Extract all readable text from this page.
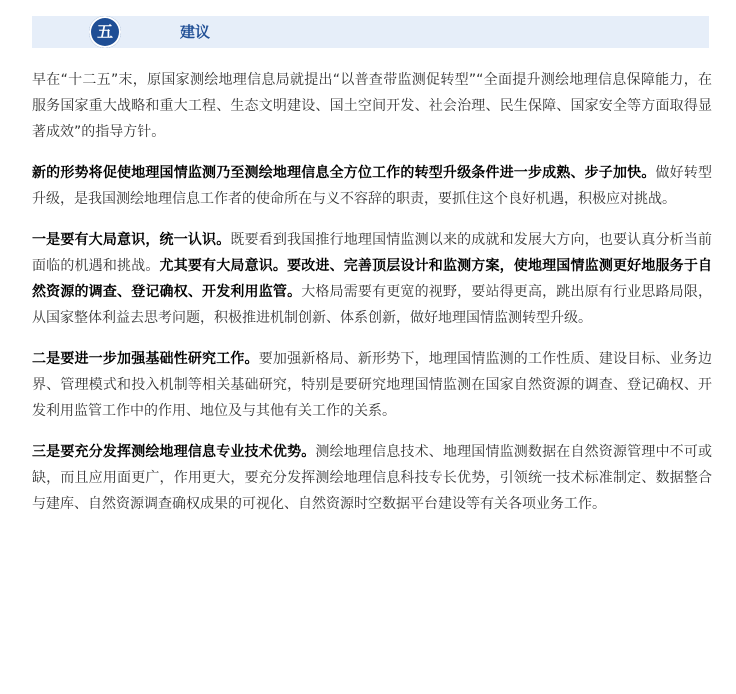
五	建议

早在“十二五”末，原国家测绘地理信息局就提出“以普查带监测促转型”“全面提升测绘地理信息保障能力，在服务国家重大战略和重大工程、生态文明建设、国土空间开发、社会治理、民生保障、国家安全等方面取得显著成效”的指导方针。

新的形势将促使地理国情监测乃至测绘地理信息全方位工作的转型升级条件进一步成熟、步子加快。做好转型升级，是我国测绘地理信息工作者的使命所在与义不容辞的职责，要抓住这个良好机遇，积极应对挑战。

一是要有大局意识，统一认识。既要看到我国推行地理国情监测以来的成就和发展大方向，也要认真分析当前面临的机遇和挑战。尤其要有大局意识。要改进、完善顶层设计和监测方案，使地理国情监测更好地服务于自然资源的调查、登记确权、开发利用监管。大格局需要有更宽的视野，要站得更高，跳出原有行业思路局限，从国家整体利益去思考问题，积极推进机制创新、体系创新，做好地理国情监测转型升级。

二是要进一步加强基础性研究工作。要加强新格局、新形势下，地理国情监测的工作性质、建设目标、业务边界、管理模式和投入机制等相关基础研究，特别是要研究地理国情监测在国家自然资源的调查、登记确权、开发利用监管工作中的作用、地位及与其他有关工作的关系。

三是要充分发挥测绘地理信息专业技术优势。测绘地理信息技术、地理国情监测数据在自然资源管理中不可或缺，而且应用面更广，作用更大，要充分发挥测绘地理信息科技专长优势，引领统一技术标准制定、数据整合与建库、自然资源调查确权成果的可视化、自然资源时空数据平台建设等有关各项业务工作。
